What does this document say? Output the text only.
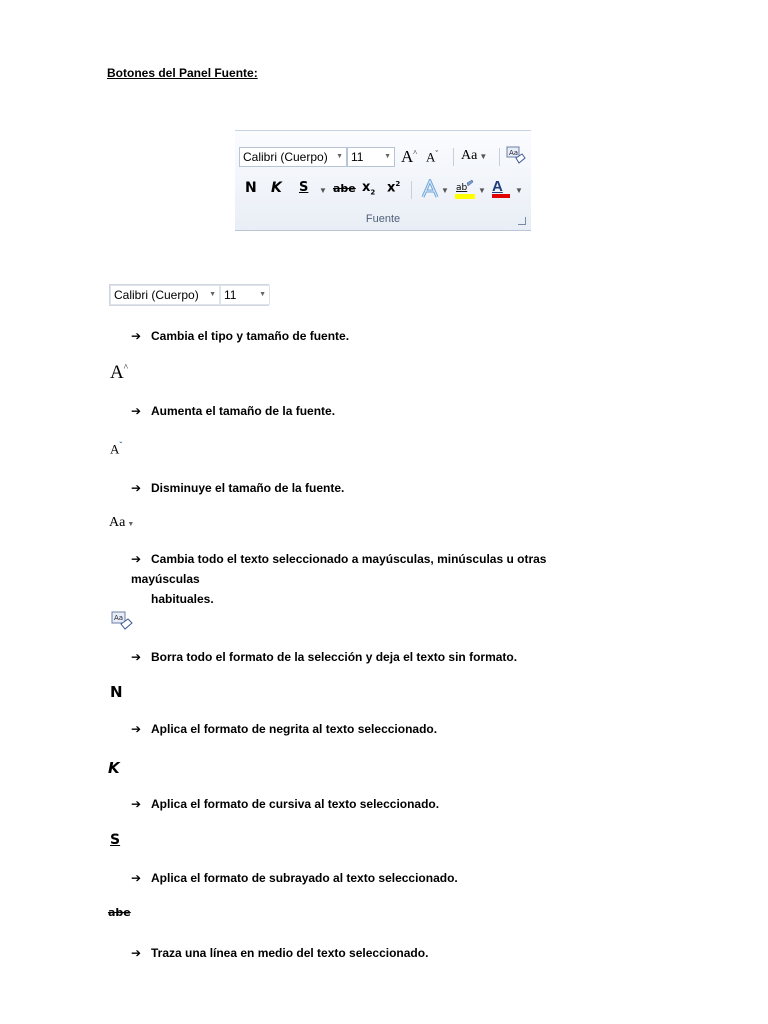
Botones del Panel Fuente:
Calibri (Cuerpo) ▼ 11	▼ A^ $A^ˇ$ Aa ▼	Aa
N K S ▼ abe $x_2$ $x^2$
▼ ab ▼ A	▼
Fuente
Calibri (Cuerpo) ▼ 11	▼
➔ Cambia el tipo y tamaño de fuente.
A^
➔ Aumenta el tamaño de la fuente.
$A^ˇ$
➔ Disminuye el tamaño de la fuente.
Aa ▼
➔ Cambia todo el texto seleccionado a mayúsculas, minúsculas u otras mayúsculas
habituales.
Aa
➔ Borra todo el formato de la selección y deja el texto sin formato.
N
➔ Aplica el formato de negrita al texto seleccionado.
K
➔ Aplica el formato de cursiva al texto seleccionado.
S
➔ Aplica el formato de subrayado al texto seleccionado.
abe
➔ Traza una línea en medio del texto seleccionado.
